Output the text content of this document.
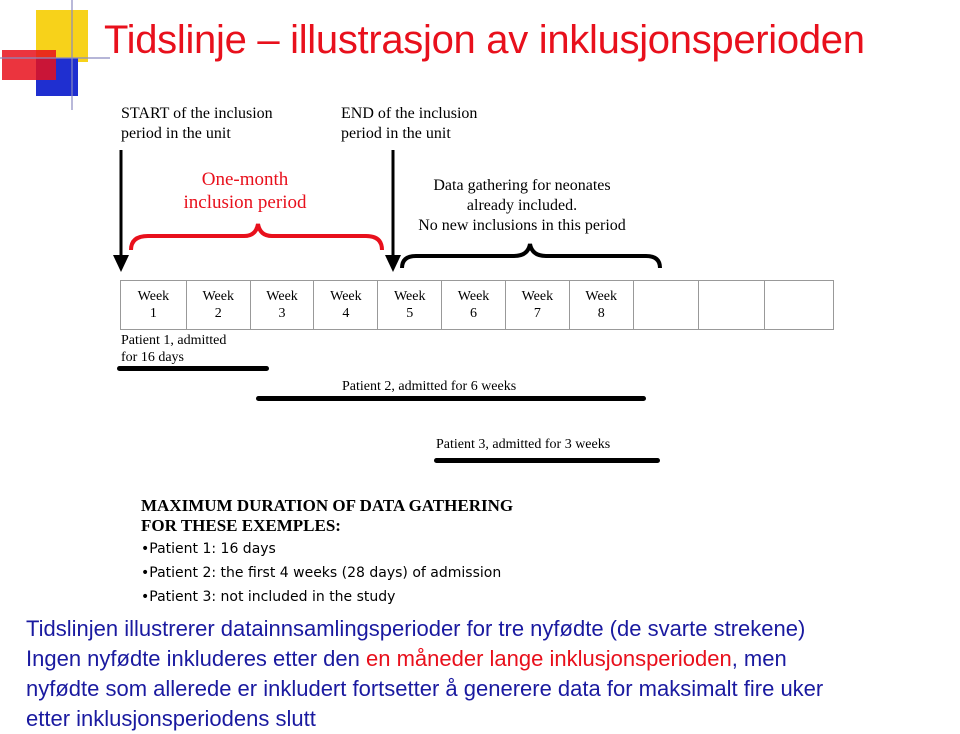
Tidslinje – illustrasjon av inklusjonsperioden
START of the inclusion
period in the unit
END of the inclusion
period in the unit
One-month
inclusion period
Data gathering for neonates
already included.
No new inclusions in this period
Week
1
Week
2
Week
3
Week
4
Week
5
Week
6
Week
7
Week
8
Patient 1, admitted
for 16 days
Patient 2, admitted for 6 weeks
Patient 3, admitted for 3 weeks
MAXIMUM DURATION OF DATA GATHERING
FOR THESE EXEMPLES:
•Patient 1: 16 days
•Patient 2: the first 4 weeks (28 days) of admission
•Patient 3: not included in the study
Tidslinjen illustrerer datainnsamlingsperioder for tre nyfødte (de svarte strekene)
Ingen nyfødte inkluderes etter den en måneder lange inklusjonsperioden, men
nyfødte som allerede er inkludert fortsetter å generere data for maksimalt fire uker
etter inklusjonsperiodens slutt
